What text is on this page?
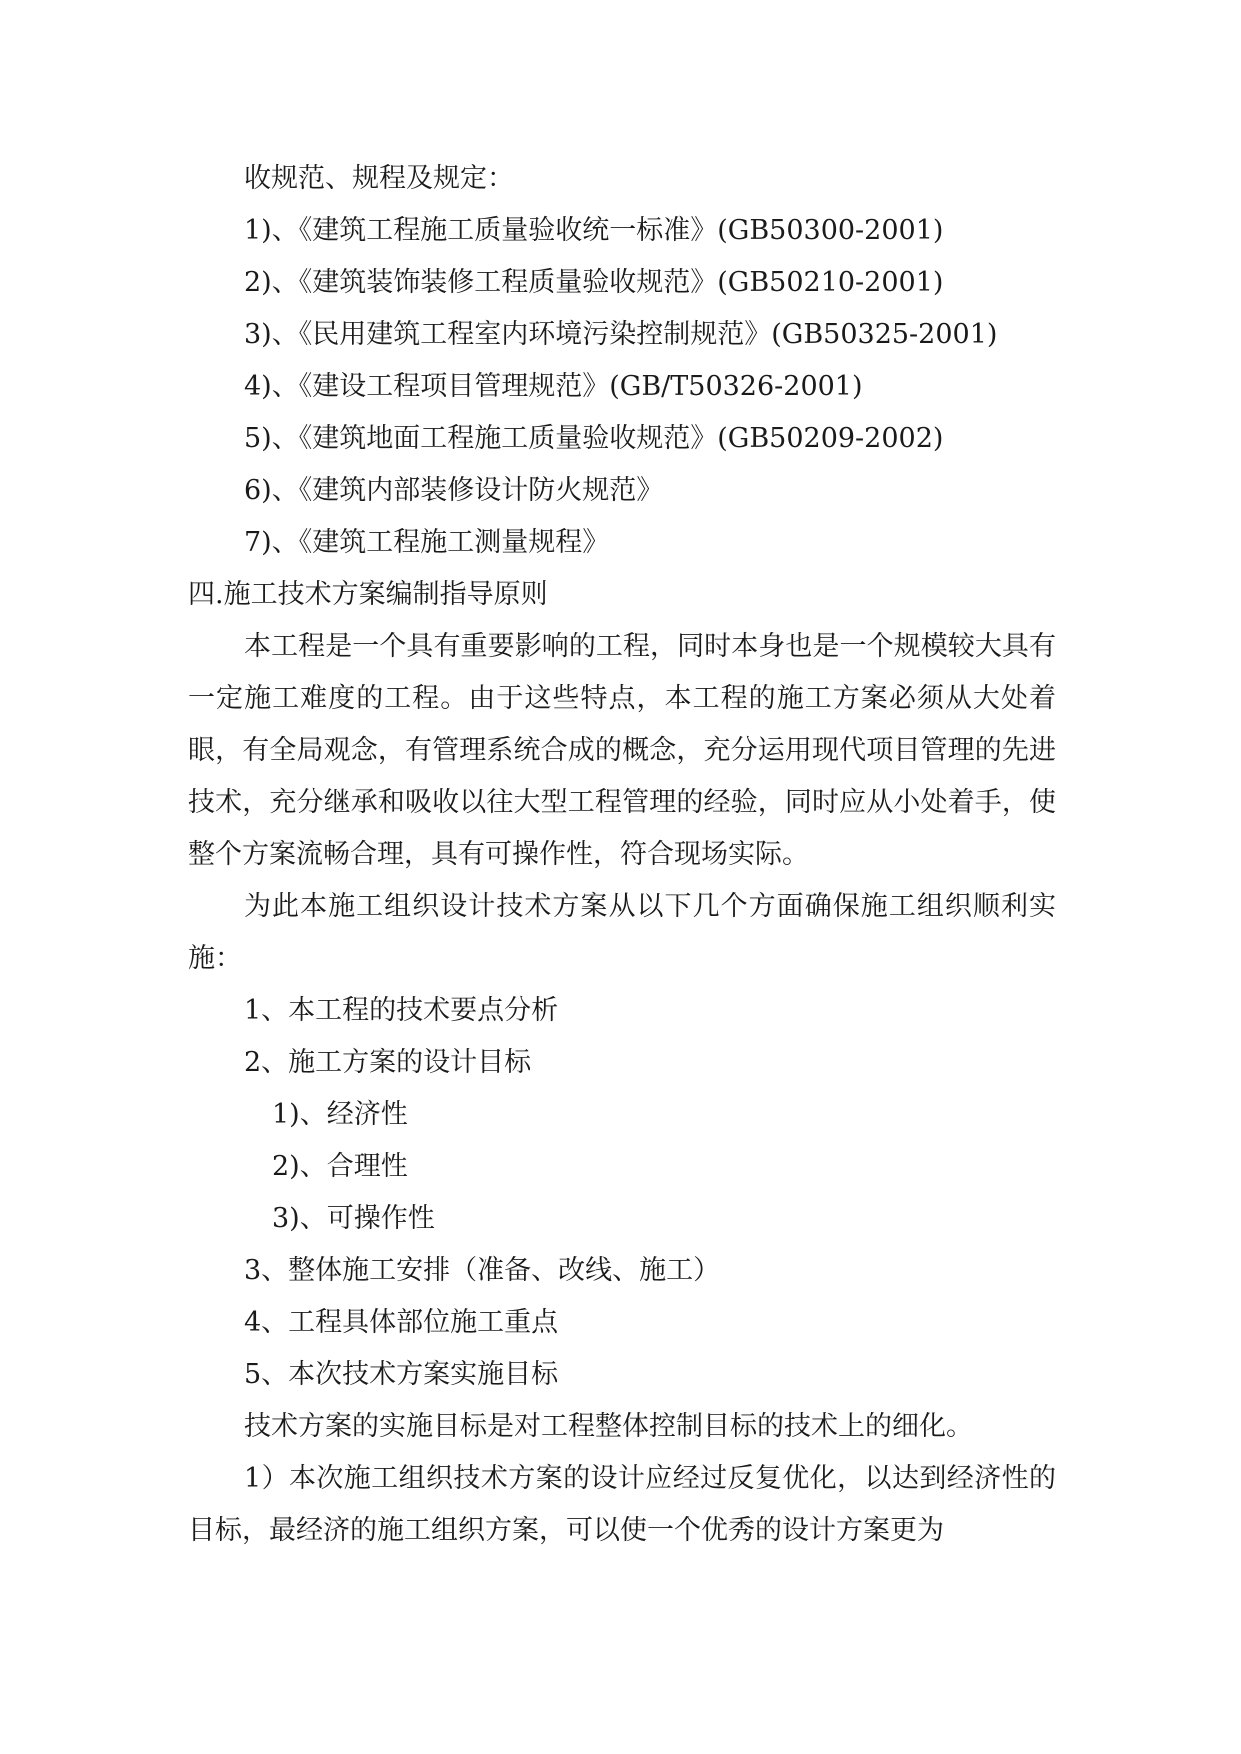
收规范、规程及规定：

1)、《建筑工程施工质量验收统一标准》(GB50300-2001)

2)、《建筑装饰装修工程质量验收规范》(GB50210-2001)

3)、《民用建筑工程室内环境污染控制规范》(GB50325-2001)

4)、《建设工程项目管理规范》(GB/T50326-2001)

5)、《建筑地面工程施工质量验收规范》(GB50209-2002)

6)、《建筑内部装修设计防火规范》

7)、《建筑工程施工测量规程》

四.施工技术方案编制指导原则

本工程是一个具有重要影响的工程，同时本身也是一个规模较大具有一定施工难度的工程。由于这些特点，本工程的施工方案必须从大处着眼，有全局观念，有管理系统合成的概念，充分运用现代项目管理的先进技术，充分继承和吸收以往大型工程管理的经验，同时应从小处着手，使整个方案流畅合理，具有可操作性，符合现场实际。

为此本施工组织设计技术方案从以下几个方面确保施工组织顺利实施：

1、本工程的技术要点分析

2、施工方案的设计目标

1)、经济性

2)、合理性

3)、可操作性

3、整体施工安排（准备、改线、施工）

4、工程具体部位施工重点

5、本次技术方案实施目标

技术方案的实施目标是对工程整体控制目标的技术上的细化。

1）本次施工组织技术方案的设计应经过反复优化，以达到经济性的目标，最经济的施工组织方案，可以使一个优秀的设计方案更为
